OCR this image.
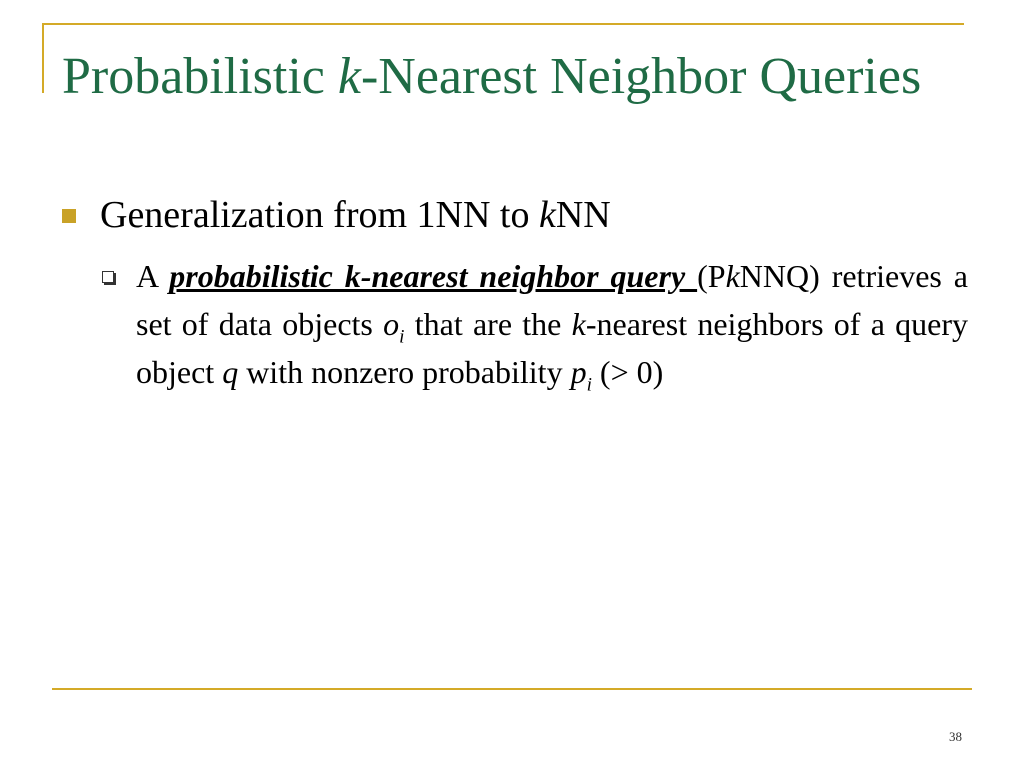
Probabilistic k-Nearest Neighbor Queries
Generalization from 1NN to kNN
A probabilistic k-nearest neighbor query (PkNNQ) retrieves a set of data objects $o_i$ that are the k-nearest neighbors of a query object q with nonzero probability $p_i$ (> 0)
38
